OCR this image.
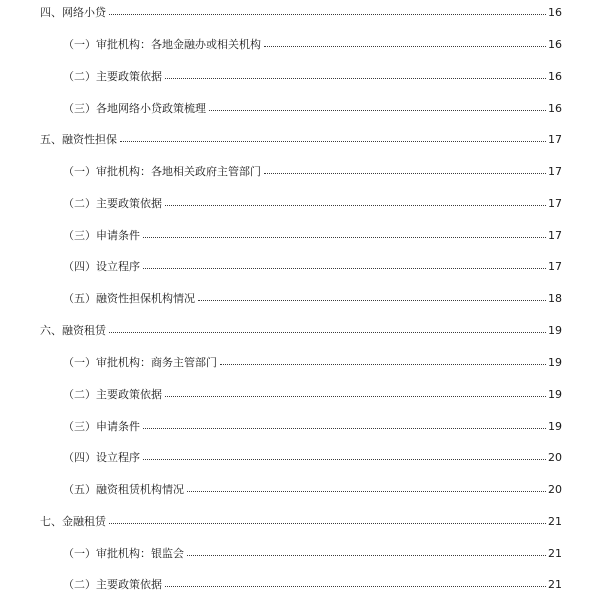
四、网络小贷	16
（一）审批机构：各地金融办或相关机构	16
（二）主要政策依据	16
（三）各地网络小贷政策梳理	16
五、融资性担保	17
（一）审批机构：各地相关政府主管部门	17
（二）主要政策依据	17
（三）申请条件	17
（四）设立程序	17
（五）融资性担保机构情况	18
六、融资租赁	19
（一）审批机构：商务主管部门	19
（二）主要政策依据	19
（三）申请条件	19
（四）设立程序	20
（五）融资租赁机构情况	20
七、金融租赁	21
（一）审批机构：银监会	21
（二）主要政策依据	21
